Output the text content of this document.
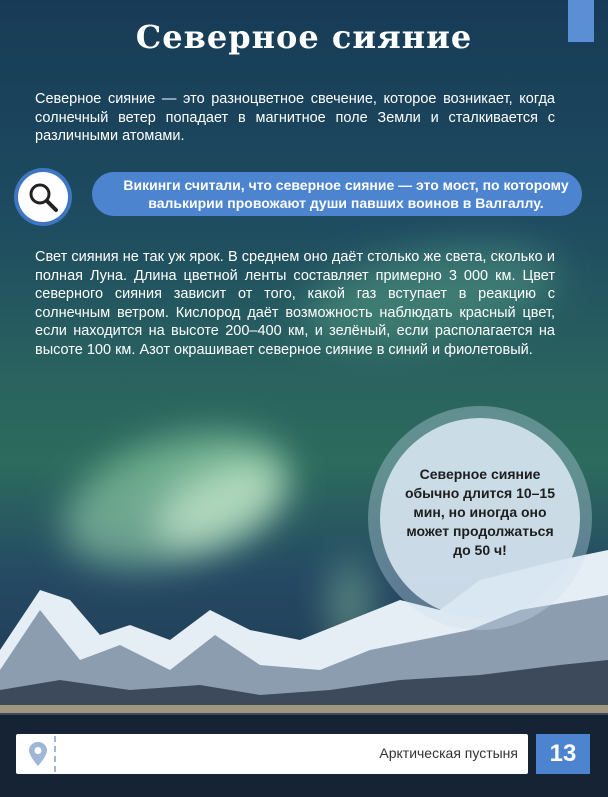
Северное сияние

Северное сияние — это разноцветное свечение, которое возникает, когда солнечный ветер попадает в магнитное поле Земли и сталкивается с различными атомами.

Викинги считали, что северное сияние — это мост, по которому валькирии провожают души павших воинов в Валгаллу.

Свет сияния не так уж ярок. В среднем оно даёт столько же света, сколько и полная Луна. Длина цветной ленты составляет примерно 3 000 км. Цвет северного сияния зависит от того, какой газ вступает в реакцию с солнечным ветром. Кислород даёт возможность наблюдать красный цвет, если находится на высоте 200–400 км, и зелёный, если располагается на высоте 100 км. Азот окрашивает северное сияние в синий и фиолетовый.

Северное сияние обычно длится 10–15 мин, но иногда оно может продолжаться до 50 ч!

Арктическая пустыня	13
